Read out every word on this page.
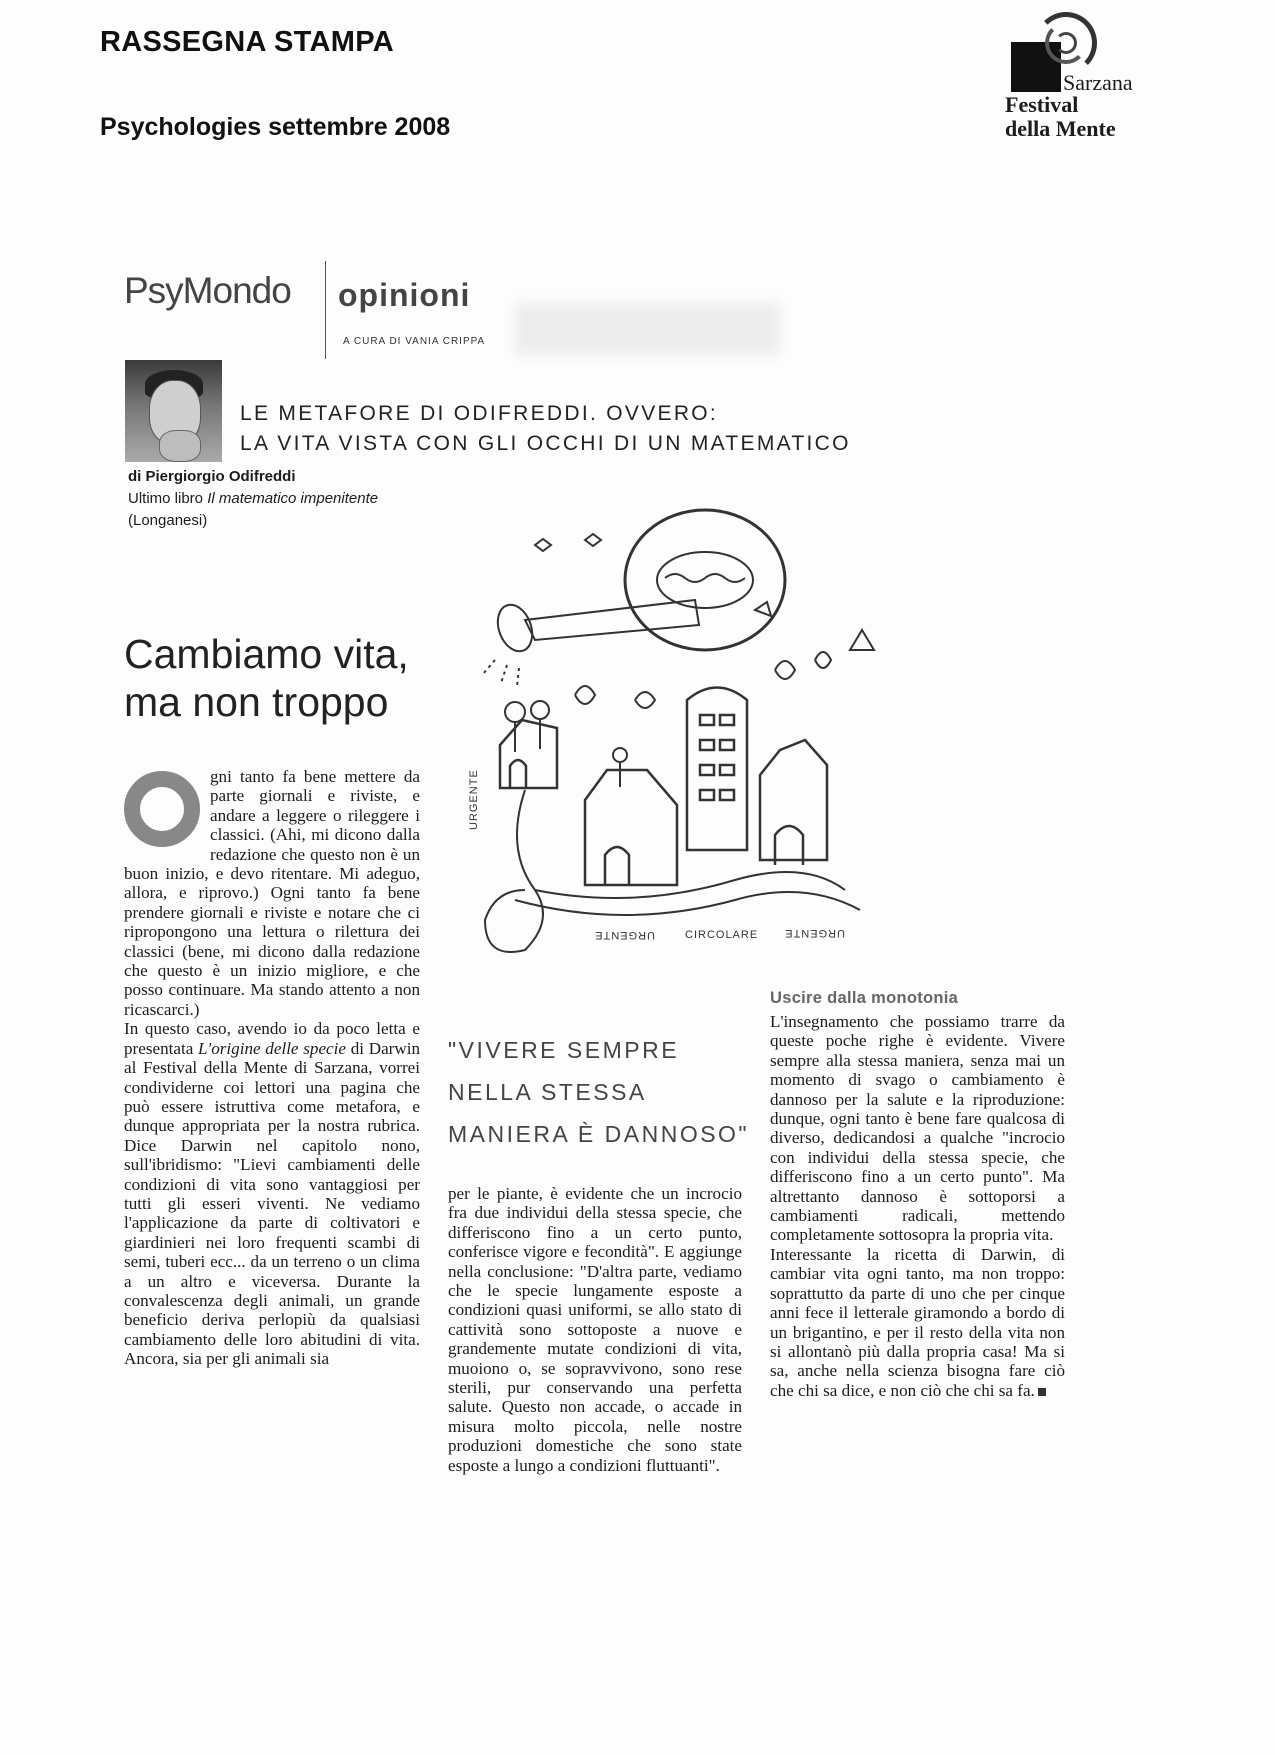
RASSEGNA STAMPA
Psychologies settembre 2008
Sarzana
Festival
della Mente
PsyMondo opinioni
A CURA DI VANIA CRIPPA
LE METAFORE DI ODIFREDDI. OVVERO:
LA VITA VISTA CON GLI OCCHI DI UN MATEMATICO
di Piergiorgio Odifreddi
Ultimo libro Il matematico impenitente
(Longanesi)
Cambiamo vita,
ma non troppo
URGENTE
CIRCOLARE URGENTE
URGENTE

gni tanto fa bene mettere da parte giornali e riviste, e andare a leggere o rileggere i classici. (Ahi, mi dicono dalla redazione che questo non è un buon inizio, e devo ritentare. Mi adeguo, allora, e riprovo.) Ogni tanto fa bene prendere giornali e riviste e notare che ci ripropongono una lettura o rilettura dei classici (bene, mi dicono dalla redazione che questo è un inizio migliore, e che posso continuare. Ma stando attento a non ricascarci.)

In questo caso, avendo io da poco letta e presentata L'origine delle specie di Darwin al Festival della Mente di Sarzana, vorrei condividerne coi lettori una pagina che può essere istruttiva come metafora, e dunque appropriata per la nostra rubrica. Dice Darwin nel capitolo nono, sull'ibridismo: "Lievi cambiamenti delle condizioni di vita sono vantaggiosi per tutti gli esseri viventi. Ne vediamo l'applicazione da parte di coltivatori e giardinieri nei loro frequenti scambi di semi, tuberi ecc... da un terreno o un clima a un altro e viceversa. Durante la convalescenza degli animali, un grande beneficio deriva perlopiù da qualsiasi cambiamento delle loro abitudini di vita. Ancora, sia per gli animali sia

"VIVERE SEMPRE NELLA STESSA MANIERA È DANNOSO"

per le piante, è evidente che un incrocio fra due individui della stessa specie, che differiscono fino a un certo punto, conferisce vigore e fecondità". E aggiunge nella conclusione: "D'altra parte, vediamo che le specie lungamente esposte a condizioni quasi uniformi, se allo stato di cattività sono sottoposte a nuove e grandemente mutate condizioni di vita, muoiono o, se sopravvivono, sono rese sterili, pur conservando una perfetta salute. Questo non accade, o accade in misura molto piccola, nelle nostre produzioni domestiche che sono state esposte a lungo a condizioni fluttuanti".

Uscire dalla monotonia

L'insegnamento che possiamo trarre da queste poche righe è evidente. Vivere sempre alla stessa maniera, senza mai un momento di svago o cambiamento è dannoso per la salute e la riproduzione: dunque, ogni tanto è bene fare qualcosa di diverso, dedicandosi a qualche "incrocio con individui della stessa specie, che differiscono fino a un certo punto". Ma altrettanto dannoso è sottoporsi a cambiamenti radicali, mettendo completamente sottosopra la propria vita.

Interessante la ricetta di Darwin, di cambiar vita ogni tanto, ma non troppo: soprattutto da parte di uno che per cinque anni fece il letterale giramondo a bordo di un brigantino, e per il resto della vita non si allontanò più dalla propria casa! Ma si sa, anche nella scienza bisogna fare ciò che chi sa dice, e non ciò che chi sa fa.
